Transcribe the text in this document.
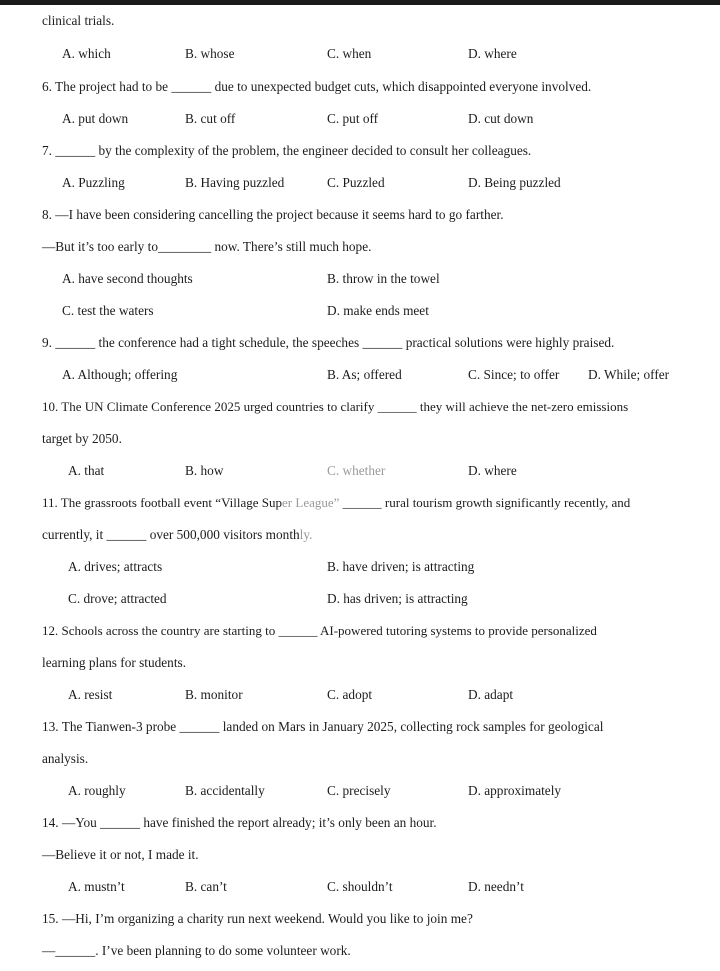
clinical trials.
A. which	B. whose	C. when	D. where
6. The project had to be ______ due to unexpected budget cuts, which disappointed everyone involved.
A. put down	B. cut off	C. put off	D. cut down
7. ______ by the complexity of the problem, the engineer decided to consult her colleagues.
A. Puzzling	B. Having puzzled	C. Puzzled	D. Being puzzled
8. —I have been considering cancelling the project because it seems hard to go farther.
—But it’s too early to________ now. There’s still much hope.
A. have second thoughts	B. throw in the towel
C. test the waters	D. make ends meet
9. ______ the conference had a tight schedule, the speeches ______ practical solutions were highly praised.
A. Although; offering	B. As; offered	C. Since; to offer D. While; offer
10. The UN Climate Conference 2025 urged countries to clarify ______ they will achieve the net-zero emissions
target by 2050.
A. that	B. how	C. whether	D. where
11. The grassroots football event “Village Super League” ______ rural tourism growth significantly recently, and
currently, it ______ over 500,000 visitors monthly.
A. drives; attracts	B. have driven; is attracting
C. drove; attracted	D. has driven; is attracting
12. Schools across the country are starting to ______ AI-powered tutoring systems to provide personalized
learning plans for students.
A. resist	B. monitor	C. adopt	D. adapt
13. The Tianwen-3 probe ______ landed on Mars in January 2025, collecting rock samples for geological
analysis.
A. roughly	B. accidentally	C. precisely	D. approximately
14. —You ______ have finished the report already; it’s only been an hour.
—Believe it or not, I made it.
A. mustn’t	B. can’t	C. shouldn’t	D. needn’t
15. —Hi, I’m organizing a charity run next weekend. Would you like to join me?
—______. I’ve been planning to do some volunteer work.
